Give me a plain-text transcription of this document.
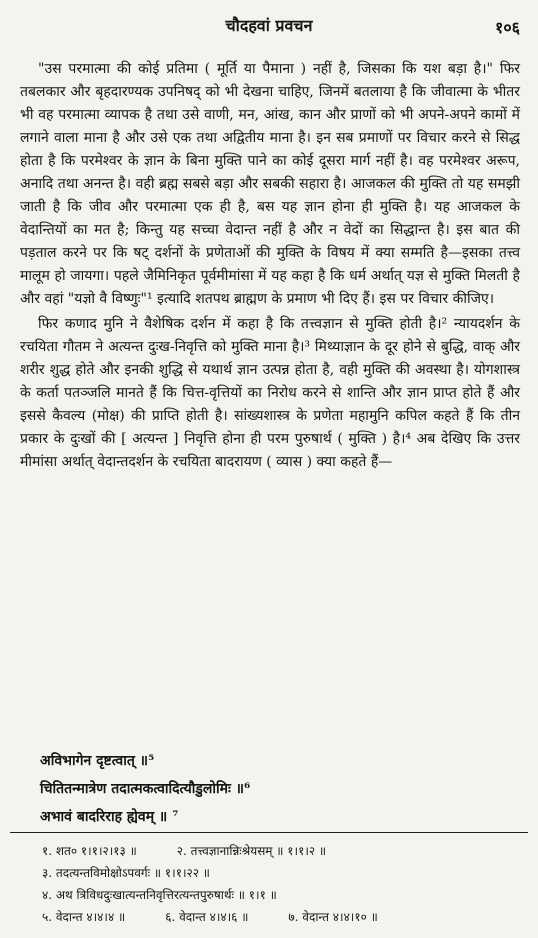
चौदहवां प्रवचन	१०६

"उस परमात्मा की कोई प्रतिमा ( मूर्ति या पैमाना ) नहीं है, जिसका कि यश बड़ा है।" फिर तबलकार और बृहदारण्यक उपनिषद् को भी देखना चाहिए, जिनमें बतलाया है कि जीवात्मा के भीतर भी वह परमात्मा व्यापक है तथा उसे वाणी, मन, आंख, कान और प्राणों को भी अपने-अपने कामों में लगाने वाला माना है और उसे एक तथा अद्वितीय माना है। इन सब प्रमाणों पर विचार करने से सिद्ध होता है कि परमेश्वर के ज्ञान के बिना मुक्ति पाने का कोई दूसरा मार्ग नहीं है। वह परमेश्वर अरूप, अनादि तथा अनन्त है। वही ब्रह्म सबसे बड़ा और सबकी सहारा है। आजकल की मुक्ति तो यह समझी जाती है कि जीव और परमात्मा एक ही है, बस यह ज्ञान होना ही मुक्ति है। यह आजकल के वेदान्तियों का मत है; किन्तु यह सच्चा वेदान्त नहीं है और न वेदों का सिद्धान्त है। इस बात की पड़ताल करने पर कि षट् दर्शनों के प्रणेताओं की मुक्ति के विषय में क्या सम्मति है—इसका तत्त्व मालूम हो जायगा। पहले जैमिनिकृत पूर्वमीमांसा में यह कहा है कि धर्म अर्थात् यज्ञ से मुक्ति मिलती है और वहां "यज्ञो वै विष्णुः"¹ इत्यादि शतपथ ब्राह्मण के प्रमाण भी दिए हैं। इस पर विचार कीजिए।

फिर कणाद मुनि ने वैशेषिक दर्शन में कहा है कि तत्त्वज्ञान से मुक्ति होती है।² न्यायदर्शन के रचयिता गौतम ने अत्यन्त दुःख-निवृत्ति को मुक्ति माना है।³ मिथ्याज्ञान के दूर होने से बुद्धि, वाक् और शरीर शुद्ध होते और इनकी शुद्धि से यथार्थ ज्ञान उत्पन्न होता है, वही मुक्ति की अवस्था है। योगशास्त्र के कर्ता पतञ्जलि मानते हैं कि चित्त-वृत्तियों का निरोध करने से शान्ति और ज्ञान प्राप्त होते हैं और इससे कैवल्य (मोक्ष) की प्राप्ति होती है। सांख्यशास्त्र के प्रणेता महामुनि कपिल कहते हैं कि तीन प्रकार के दुःखों की [ अत्यन्त ] निवृत्ति होना ही परम पुरुषार्थ ( मुक्ति ) है।⁴ अब देखिए कि उत्तर मीमांसा अर्थात् वेदान्तदर्शन के रचयिता बादरायण ( व्यास ) क्या कहते हैं—

अविभागेन दृष्टत्वात् ॥⁵
चितितन्मात्रेण तदात्मकत्वादित्यौडुलोमिः ॥⁶
अभावं बादरिराह ह्येवम् ॥ ⁷
१. शत० १।१।२।१३ ॥	२. तत्त्वज्ञानान्निःश्रेयसम् ॥ १।१।२ ॥
३. तदत्यन्तविमोक्षोऽपवर्गः ॥ १।१।२२ ॥
४. अथ त्रिविधदुःखात्यन्तनिवृत्तिरत्यन्तपुरुषार्थः ॥ १।१ ॥
५. वेदान्त ४।४।४ ॥	६. वेदान्त ४।४।६ ॥	७. वेदान्त ४।४।१० ॥
